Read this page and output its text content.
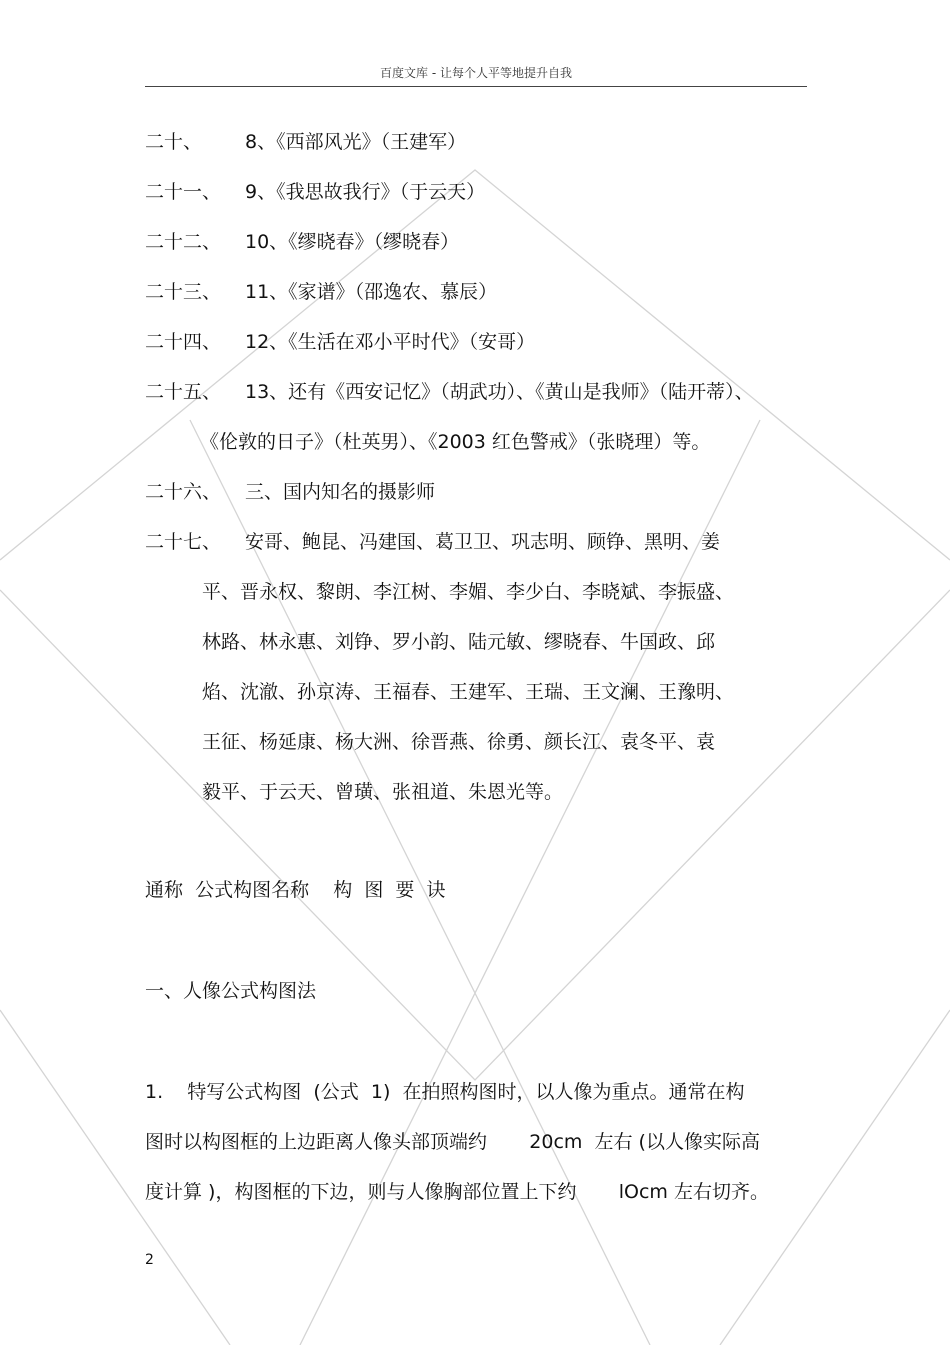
百度文库 - 让每个人平等地提升自我
二十、 8、《西部风光》（王建军）
二十一、 9、《我思故我行》（于云天）
二十二、 10、《缪晓春》（缪晓春）
二十三、 11、《家谱》（邵逸农、慕辰）
二十四、 12、《生活在邓小平时代》（安哥）
二十五、 13、还有《西安记忆》（胡武功）、《黄山是我师》（陆开蒂）、
《伦敦的日子》（杜英男）、《2003 红色警戒》（张晓理）等。
二十六、 三、国内知名的摄影师
二十七、 安哥、鲍昆、冯建国、葛卫卫、巩志明、顾铮、黑明、姜
平、晋永权、黎朗、李江树、李媚、李少白、李晓斌、李振盛、
林路、林永惠、刘铮、罗小韵、陆元敏、缪晓春、牛国政、邱
焰、沈澈、孙京涛、王福春、王建军、王瑞、王文澜、王豫明、
王征、杨延康、杨大洲、徐晋燕、徐勇、颜长江、袁冬平、袁
毅平、于云天、曾璜、张祖道、朱恩光等。
通称  公式构图名称    构  图  要  诀
一、人像公式构图法
1.    特写公式构图  (公式  1)  在拍照构图时，以人像为重点。通常在构
图时以构图框的上边距离人像头部顶端约       20cm  左右 (以人像实际高
度计算 )，构图框的下边，则与人像胸部位置上下约       lOcm 左右切齐。
2
